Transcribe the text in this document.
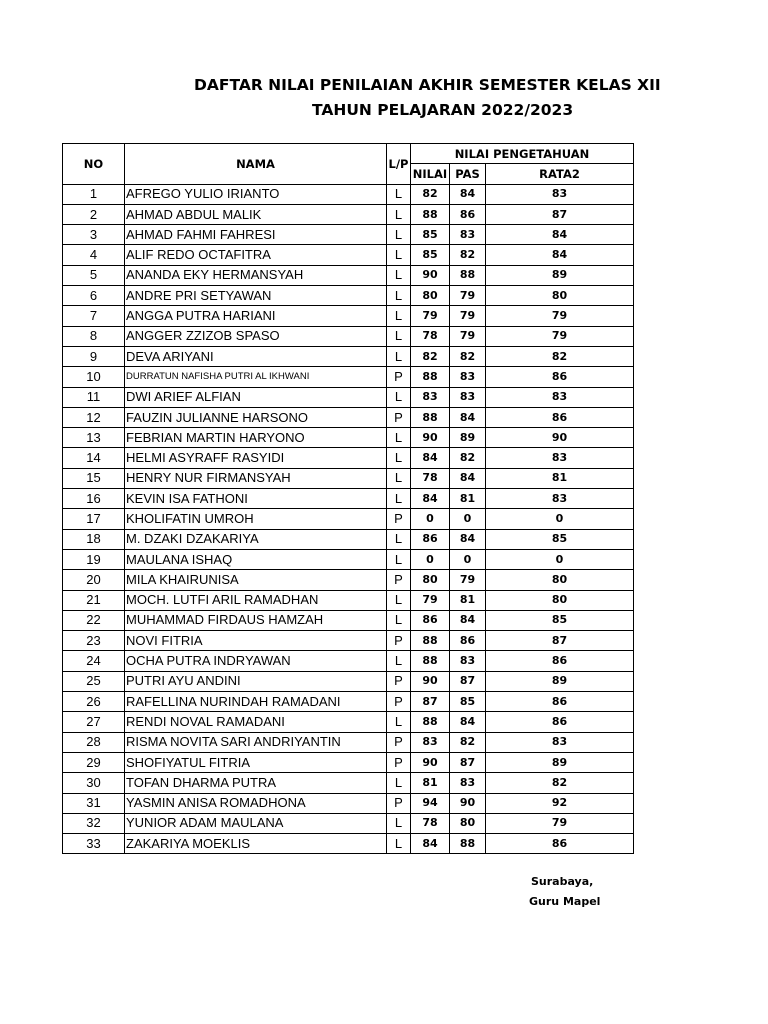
DAFTAR NILAI PENILAIAN AKHIR SEMESTER KELAS XII
TAHUN PELAJARAN 2022/2023
NO	NAMA	L/P	NILAI PENGETAHUAN		
			NILAI	PAS	RATA2
1	AFREGO YULIO IRIANTO	L	82	84	83
2	AHMAD ABDUL MALIK	L	88	86	87
3	AHMAD FAHMI FAHRESI	L	85	83	84
4	ALIF REDO OCTAFITRA	L	85	82	84
5	ANANDA EKY HERMANSYAH	L	90	88	89
6	ANDRE PRI SETYAWAN	L	80	79	80
7	ANGGA PUTRA HARIANI	L	79	79	79
8	ANGGER ZZIZOB SPASO	L	78	79	79
9	DEVA ARIYANI	L	82	82	82
10	DURRATUN NAFISHA PUTRI AL IKHWANI	P	88	83	86
11	DWI ARIEF ALFIAN	L	83	83	83
12	FAUZIN JULIANNE HARSONO	P	88	84	86
13	FEBRIAN MARTIN HARYONO	L	90	89	90
14	HELMI ASYRAFF RASYIDI	L	84	82	83
15	HENRY NUR FIRMANSYAH	L	78	84	81
16	KEVIN ISA FATHONI	L	84	81	83
17	KHOLIFATIN UMROH	P	0	0	0
18	M. DZAKI DZAKARIYA	L	86	84	85
19	MAULANA ISHAQ	L	0	0	0
20	MILA KHAIRUNISA	P	80	79	80
21	MOCH. LUTFI ARIL RAMADHAN	L	79	81	80
22	MUHAMMAD FIRDAUS HAMZAH	L	86	84	85
23	NOVI FITRIA	P	88	86	87
24	OCHA PUTRA INDRYAWAN	L	88	83	86
25	PUTRI AYU ANDINI	P	90	87	89
26	RAFELLINA NURINDAH RAMADANI	P	87	85	86
27	RENDI NOVAL RAMADANI	L	88	84	86
28	RISMA NOVITA SARI ANDRIYANTIN	P	83	82	83
29	SHOFIYATUL FITRIA	P	90	87	89
30	TOFAN DHARMA PUTRA	L	81	83	82
31	YASMIN ANISA ROMADHONA	P	94	90	92
32	YUNIOR ADAM MAULANA	L	78	80	79
33	ZAKARIYA MOEKLIS	L	84	88	86
Surabaya,
Guru Mapel
